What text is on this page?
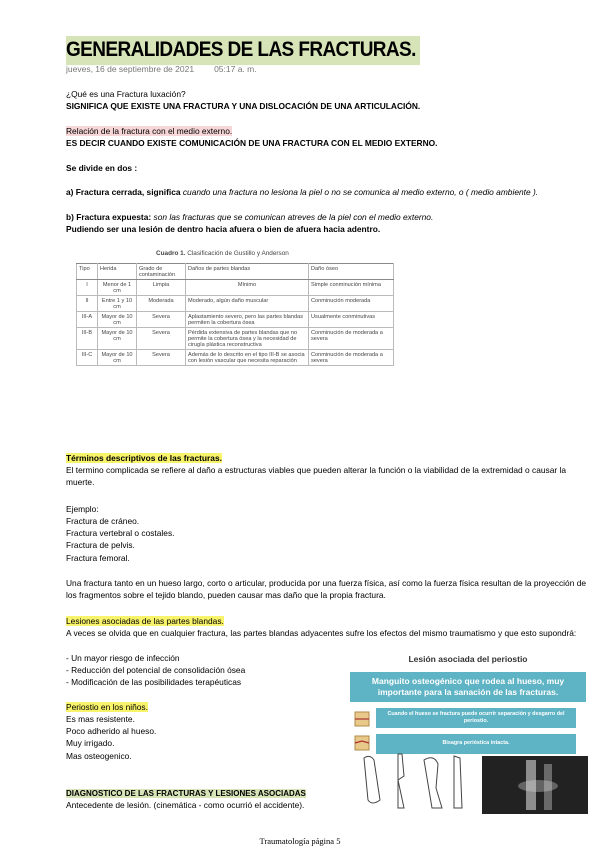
GENERALIDADES DE LAS FRACTURAS.
jueves, 16 de septiembre de 2021 05:17 a. m.
¿Qué es una Fractura luxación?
SIGNIFICA QUE EXISTE UNA FRACTURA Y UNA DISLOCACIÓN DE UNA ARTICULACIÓN.
Relación de la fractura con el medio externo.
ES DECIR CUANDO EXISTE COMUNICACIÓN DE UNA FRACTURA CON EL MEDIO EXTERNO.
Se divide en dos :
a) Fractura cerrada, significa cuando una fractura no lesiona la piel o no se comunica al medio externo, o ( medio ambiente ).
b) Fractura expuesta: son las fracturas que se comunican atreves de la piel con el medio externo.
Pudiendo ser una lesión de dentro hacia afuera o bien de afuera hacia adentro.
Cuadro 1. Clasificación de Gustillo y Anderson
Tipo	Herida	Grado de contaminación	Daños de partes blandas	Daño óseo
I	Menor de 1 cm	Limpia	Mínimo	Simple conminución mínima
II	Entre 1 y 10 cm	Moderada	Moderado, algún daño muscular	Conminución moderada
III-A	Mayor de 10 cm	Severa	Aplastamiento severo, pero las partes blandas permiten la cobertura ósea	Usualmente conminutivas
III-B	Mayor de 10 cm	Severa	Pérdida extensiva de partes blandas que no permite la cobertura ósea y la necesidad de cirugía plástica reconstructiva	Conminución de moderada a severa
III-C	Mayor de 10 cm	Severa	Además de lo descrito en el tipo III-B se asocia con lesión vascular que necesita reparación	Conminución de moderada a severa
Términos descriptivos de las fracturas.
El termino complicada se refiere al daño a estructuras viables que pueden alterar la función o la viabilidad de la extremidad o causar la muerte.
Ejemplo:
Fractura de cráneo.
Fractura vertebral o costales.
Fractura de pelvis.
Fractura femoral.
Una fractura tanto en un hueso largo, corto o articular, producida por una fuerza física, así como la fuerza física resultan de la proyección de los fragmentos sobre el tejido blando, pueden causar mas daño que la propia fractura.
Lesiones asociadas de las partes blandas.
A veces se olvida que en cualquier fractura, las partes blandas adyacentes sufre los efectos del mismo traumatismo y que esto supondrá:
- Un mayor riesgo de infección
- Reducción del potencial de consolidación ósea
- Modificación de las posibilidades terapéuticas
Periostio en los niños.
Es mas resistente.
Poco adherido al hueso.
Muy irrigado.
Mas osteogenico.
DIAGNOSTICO DE LAS FRACTURAS Y LESIONES ASOCIADAS
Antecedente de lesión. (cinemática - como ocurrió el accidente).
Lesión asociada del periostio
Manguito osteogénico que rodea al hueso, muy importante para la sanación de las fracturas.
Cuando el hueso se fractura puede ocurrir separación y desgarro del periostio.
Bisagra perióstica intacta.
Traumatología página 5
